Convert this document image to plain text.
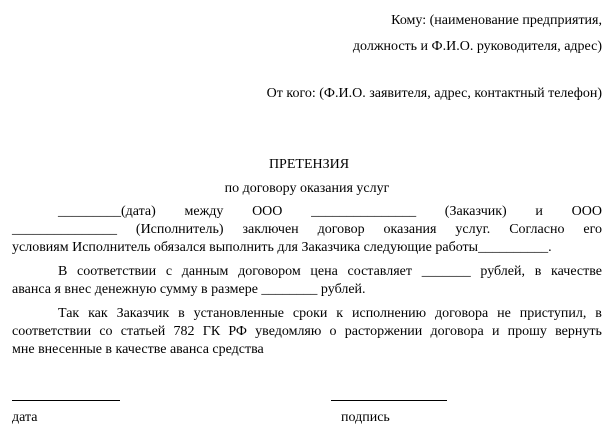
Кому: (наименование предприятия,
должность и Ф.И.О. руководителя, адрес)
От кого: (Ф.И.О. заявителя, адрес, контактный телефон)
ПРЕТЕНЗИЯ
по договору оказания услуг
_________(дата) между ООО _______________ (Заказчик) и ООО
_______________ (Исполнитель) заключен договор оказания услуг. Согласно его
условиям Исполнитель обязался выполнить для Заказчика следующие работы__________.
В соответствии с данным договором цена составляет _______ рублей, в качестве
аванса я внес денежную сумму в размере ________ рублей.
Так как Заказчик в установленные сроки к исполнению договора не приступил, в
соответствии со статьей 782 ГК РФ уведомляю о расторжении договора и прошу вернуть
мне внесенные в качестве аванса средства
дата	подпись
